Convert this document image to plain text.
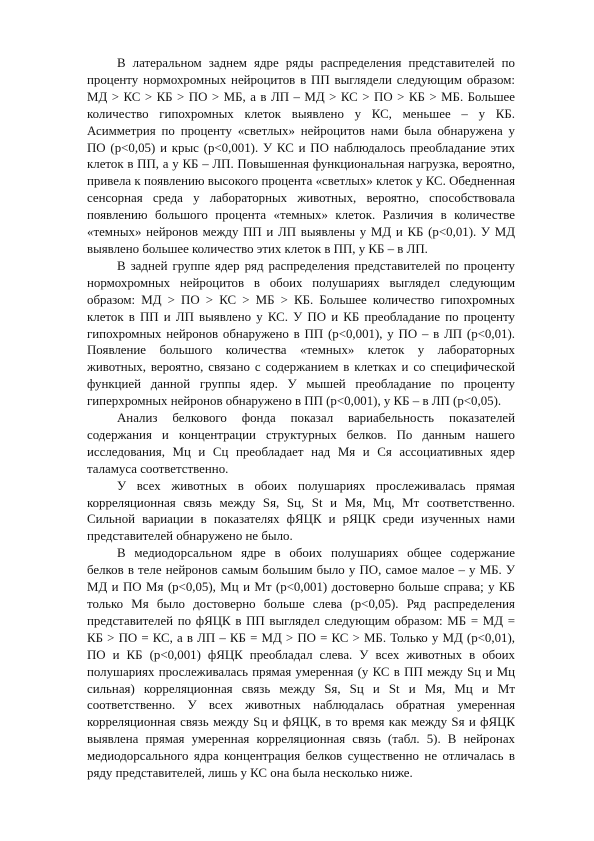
В латеральном заднем ядре ряды распределения представителей по проценту нормохромных нейроцитов в ПП выглядели следующим образом: МД > КС > КБ > ПО > МБ, а в ЛП – МД > КС > ПО > КБ > МБ. Большее количество гипохромных клеток выявлено у КС, меньшее – у КБ. Асимметрия по проценту «светлых» нейроцитов нами была обнаружена у ПО (р<0,05) и крыс (р<0,001). У КС и ПО наблюдалось преобладание этих клеток в ПП, а у КБ – ЛП. Повышенная функциональная нагрузка, вероятно, привела к появлению высокого процента «светлых» клеток у КС. Обедненная сенсорная среда у лабораторных животных, вероятно, способствовала появлению большого процента «темных» клеток. Различия в количестве «темных» нейронов между ПП и ЛП выявлены у МД и КБ (р<0,01). У МД выявлено большее количество этих клеток в ПП, у КБ – в ЛП.

В задней группе ядер ряд распределения представителей по проценту нормохромных нейроцитов в обоих полушариях выглядел следующим образом: МД > ПО > КС > МБ > КБ. Большее количество гипохромных клеток в ПП и ЛП выявлено у КС. У ПО и КБ преобладание по проценту гипохромных нейронов обнаружено в ПП (р<0,001), у ПО – в ЛП (р<0,01). Появление большого количества «темных» клеток у лабораторных животных, вероятно, связано с содержанием в клетках и со специфической функцией данной группы ядер. У мышей преобладание по проценту гиперхромных нейронов обнаружено в ПП (р<0,001), у КБ – в ЛП (р<0,05).

Анализ белкового фонда показал вариабельность показателей содержания и концентрации структурных белков. По данным нашего исследования, Мц и Сц преобладает над Мя и Ся ассоциативных ядер таламуса соответственно.

У всех животных в обоих полушариях прослеживалась прямая корреляционная связь между Sя, Sц, St и Мя, Мц, Мт соответственно. Сильной вариации в показателях фЯЦК и рЯЦК среди изученных нами представителей обнаружено не было.

В медиодорсальном ядре в обоих полушариях общее содержание белков в теле нейронов самым большим было у ПО, самое малое – у МБ. У МД и ПО Мя (р<0,05), Мц и Мт (р<0,001) достоверно больше справа; у КБ только Мя было достоверно больше слева (р<0,05). Ряд распределения представителей по фЯЦК в ПП выглядел следующим образом: МБ = МД = КБ > ПО = КС, а в ЛП – КБ = МД > ПО = КС > МБ. Только у МД (р<0,01), ПО и КБ (р<0,001) фЯЦК преобладал слева. У всех животных в обоих полушариях прослеживалась прямая умеренная (у КС в ПП между Sц и Мц сильная) корреляционная связь между Sя, Sц и St и Мя, Мц и Мт соответственно. У всех животных наблюдалась обратная умеренная корреляционная связь между Sц и фЯЦК, в то время как между Sя и фЯЦК выявлена прямая умеренная корреляционная связь (табл. 5). В нейронах медиодорсального ядра концентрация белков существенно не отличалась в ряду представителей, лишь у КС она была несколько ниже.
